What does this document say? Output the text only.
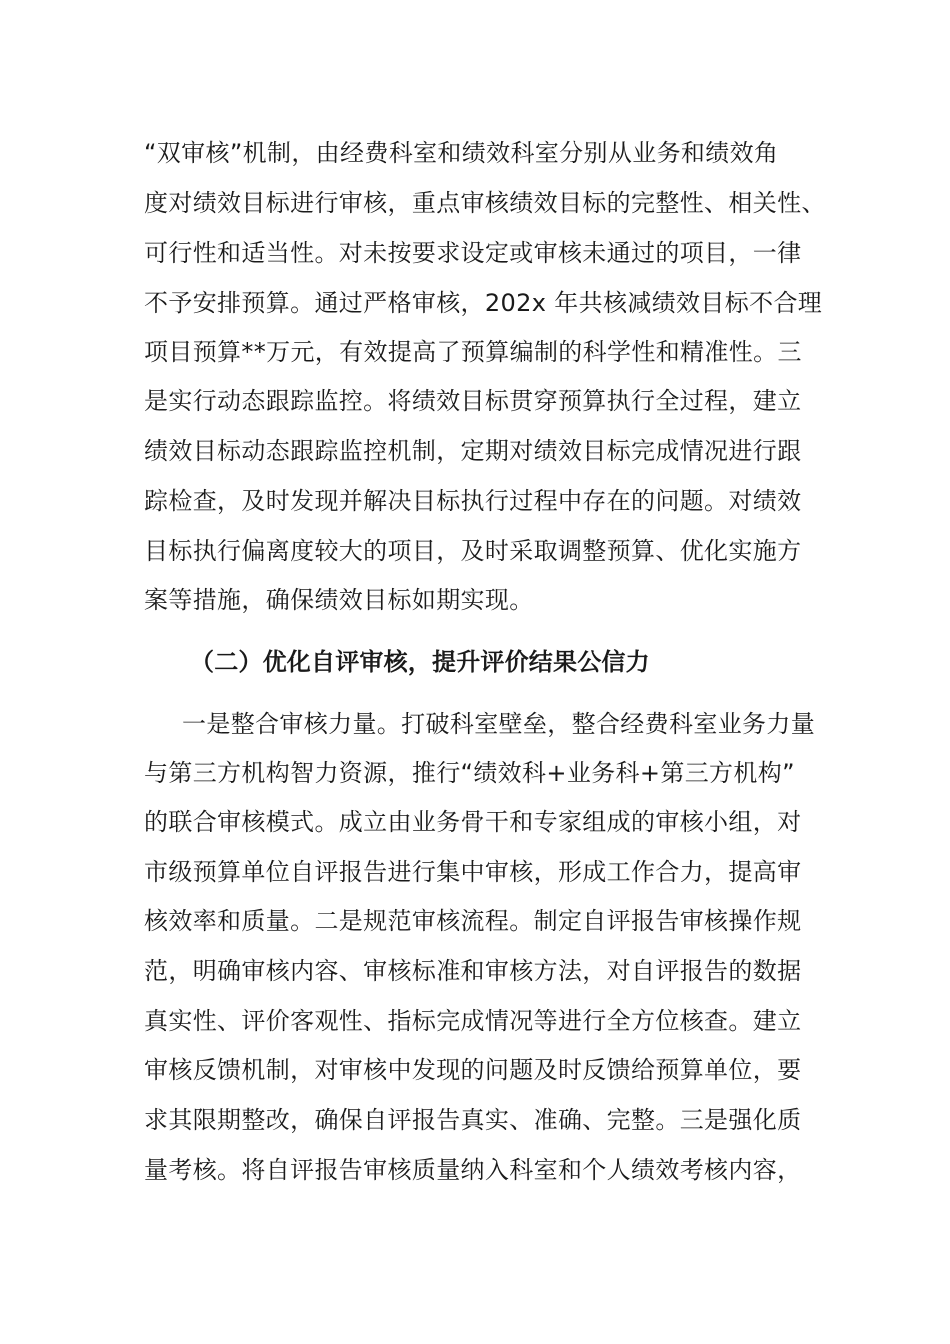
“双审核”机制，由经费科室和绩效科室分别从业务和绩效角
度对绩效目标进行审核，重点审核绩效目标的完整性、相关性、
可行性和适当性。对未按要求设定或审核未通过的项目，一律
不予安排预算。通过严格审核，202x 年共核减绩效目标不合理
项目预算**万元，有效提高了预算编制的科学性和精准性。三
是实行动态跟踪监控。将绩效目标贯穿预算执行全过程，建立
绩效目标动态跟踪监控机制，定期对绩效目标完成情况进行跟
踪检查，及时发现并解决目标执行过程中存在的问题。对绩效
目标执行偏离度较大的项目，及时采取调整预算、优化实施方
案等措施，确保绩效目标如期实现。
（二）优化自评审核，提升评价结果公信力
一是整合审核力量。打破科室壁垒，整合经费科室业务力量
与第三方机构智力资源，推行“绩效科+业务科+第三方机构”
的联合审核模式。成立由业务骨干和专家组成的审核小组，对
市级预算单位自评报告进行集中审核，形成工作合力，提高审
核效率和质量。二是规范审核流程。制定自评报告审核操作规
范，明确审核内容、审核标准和审核方法，对自评报告的数据
真实性、评价客观性、指标完成情况等进行全方位核查。建立
审核反馈机制，对审核中发现的问题及时反馈给预算单位，要
求其限期整改，确保自评报告真实、准确、完整。三是强化质
量考核。将自评报告审核质量纳入科室和个人绩效考核内容，
